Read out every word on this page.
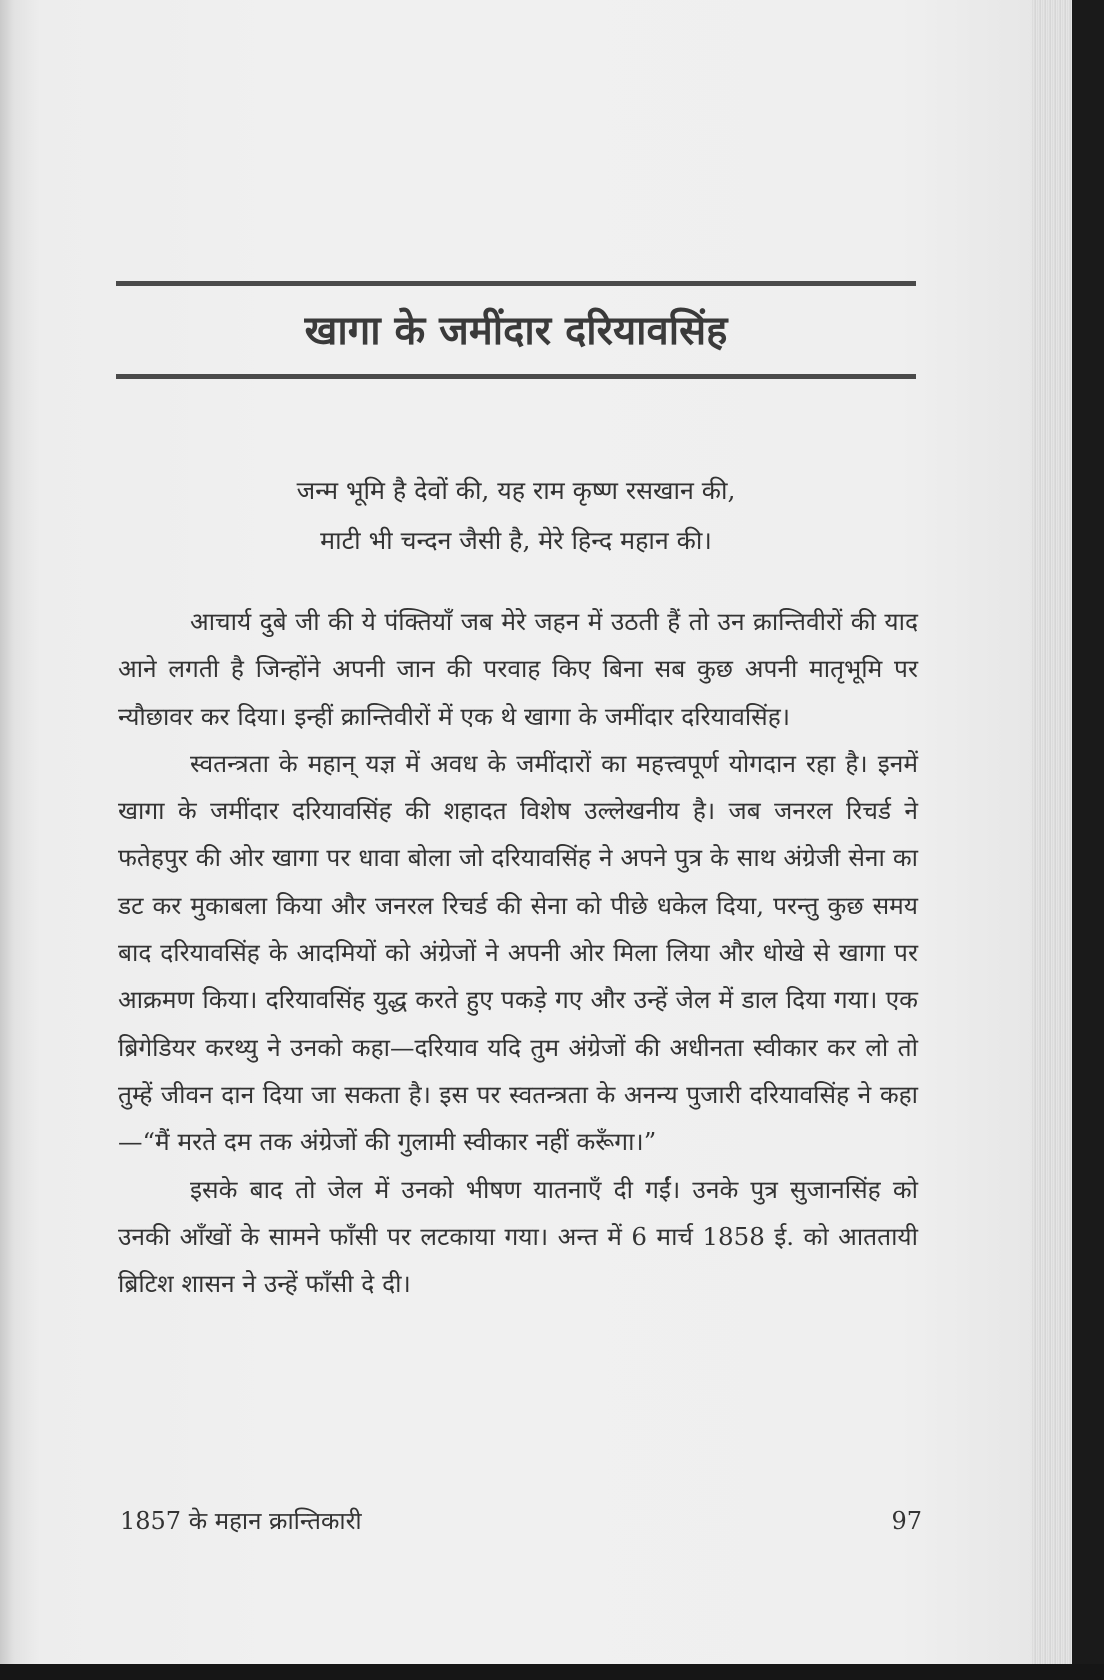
खागा के जमींदार दरियावसिंह
जन्म भूमि है देवों की, यह राम कृष्ण रसखान की,
माटी भी चन्दन जैसी है, मेरे हिन्द महान की।

आचार्य दुबे जी की ये पंक्तियाँ जब मेरे जहन में उठती हैं तो उन क्रान्तिवीरों की याद आने लगती है जिन्होंने अपनी जान की परवाह किए बिना सब कुछ अपनी मातृभूमि पर न्यौछावर कर दिया। इन्हीं क्रान्तिवीरों में एक थे खागा के जमींदार दरियावसिंह।

स्वतन्त्रता के महान् यज्ञ में अवध के जमींदारों का महत्त्वपूर्ण योगदान रहा है। इनमें खागा के जमींदार दरियावसिंह की शहादत विशेष उल्लेखनीय है। जब जनरल रिचर्ड ने फतेहपुर की ओर खागा पर धावा बोला जो दरियावसिंह ने अपने पुत्र के साथ अंग्रेजी सेना का डट कर मुकाबला किया और जनरल रिचर्ड की सेना को पीछे धकेल दिया, परन्तु कुछ समय बाद दरियावसिंह के आदमियों को अंग्रेजों ने अपनी ओर मिला लिया और धोखे से खागा पर आक्रमण किया। दरियावसिंह युद्ध करते हुए पकड़े गए और उन्हें जेल में डाल दिया गया। एक ब्रिगेडियर करथ्यु ने उनको कहा—दरियाव यदि तुम अंग्रेजों की अधीनता स्वीकार कर लो तो तुम्हें जीवन दान दिया जा सकता है। इस पर स्वतन्त्रता के अनन्य पुजारी दरियावसिंह ने कहा—“मैं मरते दम तक अंग्रेजों की गुलामी स्वीकार नहीं करूँगा।”

इसके बाद तो जेल में उनको भीषण यातनाएँ दी गईं। उनके पुत्र सुजानसिंह को उनकी आँखों के सामने फाँसी पर लटकाया गया। अन्त में 6 मार्च 1858 ई. को आततायी ब्रिटिश शासन ने उन्हें फाँसी दे दी।

1857 के महान क्रान्तिकारी	97
